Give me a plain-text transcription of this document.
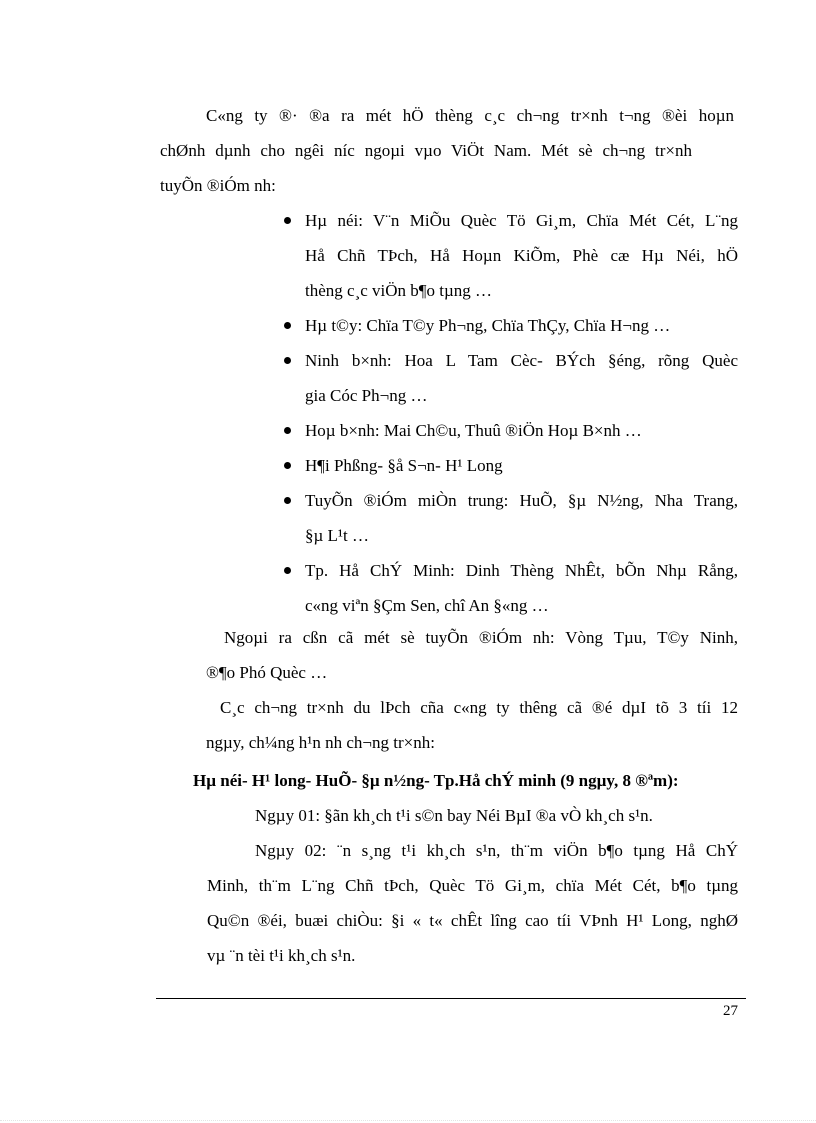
C«ng ty ®· ®a ra mét hÖ thèng c¸c ch¬ng tr×nh t¬ng ®èi hoµn
chØnh dµnh cho ngêi níc ngoµi vµo ViÖt Nam. Mét sè ch¬ng tr×nh
tuyÕn ®iÓm nh:
Hµ néi: V¨n MiÕu Quèc Tö Gi¸m, Chïa Mét Cét, L¨ng
Hå Chñ TÞch, Hå Hoµn KiÕm, Phè cæ Hµ Néi, hÖ
thèng c¸c viÖn b¶o tµng …
Hµ t©y: Chïa T©y Ph¬ng, Chïa ThÇy, Chïa H¬ng …
Ninh b×nh: Hoa L Tam Cèc- BÝch §éng, rõng Quèc
gia Cóc Ph¬ng …
Hoµ b×nh: Mai Ch©u, Thuû ®iÖn Hoµ B×nh …
H¶i Phßng- §å S¬n- H¹ Long
TuyÕn ®iÓm miÒn trung: HuÕ, §µ N½ng, Nha Trang,
§µ L¹t …
Tp. Hå ChÝ Minh: Dinh Thèng NhÊt, bÕn Nhµ Rång,
c«ng viªn §Çm Sen, chî An §«ng …
Ngoµi ra cßn cã mét sè tuyÕn ®iÓm nh: Vòng Tµu, T©y Ninh,
®¶o Phó Quèc …
C¸c ch¬ng tr×nh du lÞch cña c«ng ty thêng cã ®é dµI tõ 3 tíi 12
ngµy, ch¼ng h¹n nh ch¬ng tr×nh:
Hµ néi- H¹ long- HuÕ- §µ n½ng- Tp.Hå chÝ minh (9 ngµy, 8 ®ªm):
Ngµy 01: §ãn kh¸ch t¹i s©n bay Néi BµI ®a vÒ kh¸ch s¹n.
Ngµy 02: ¨n s¸ng t¹i kh¸ch s¹n, th¨m viÖn b¶o tµng Hå ChÝ
Minh, th¨m L¨ng Chñ tÞch, Quèc Tö Gi¸m, chïa Mét Cét, b¶o tµng
Qu©n ®éi, buæi chiÒu: §i « t« chÊt lîng cao tíi VÞnh H¹ Long, nghØ
vµ ¨n tèi t¹i kh¸ch s¹n.
27
